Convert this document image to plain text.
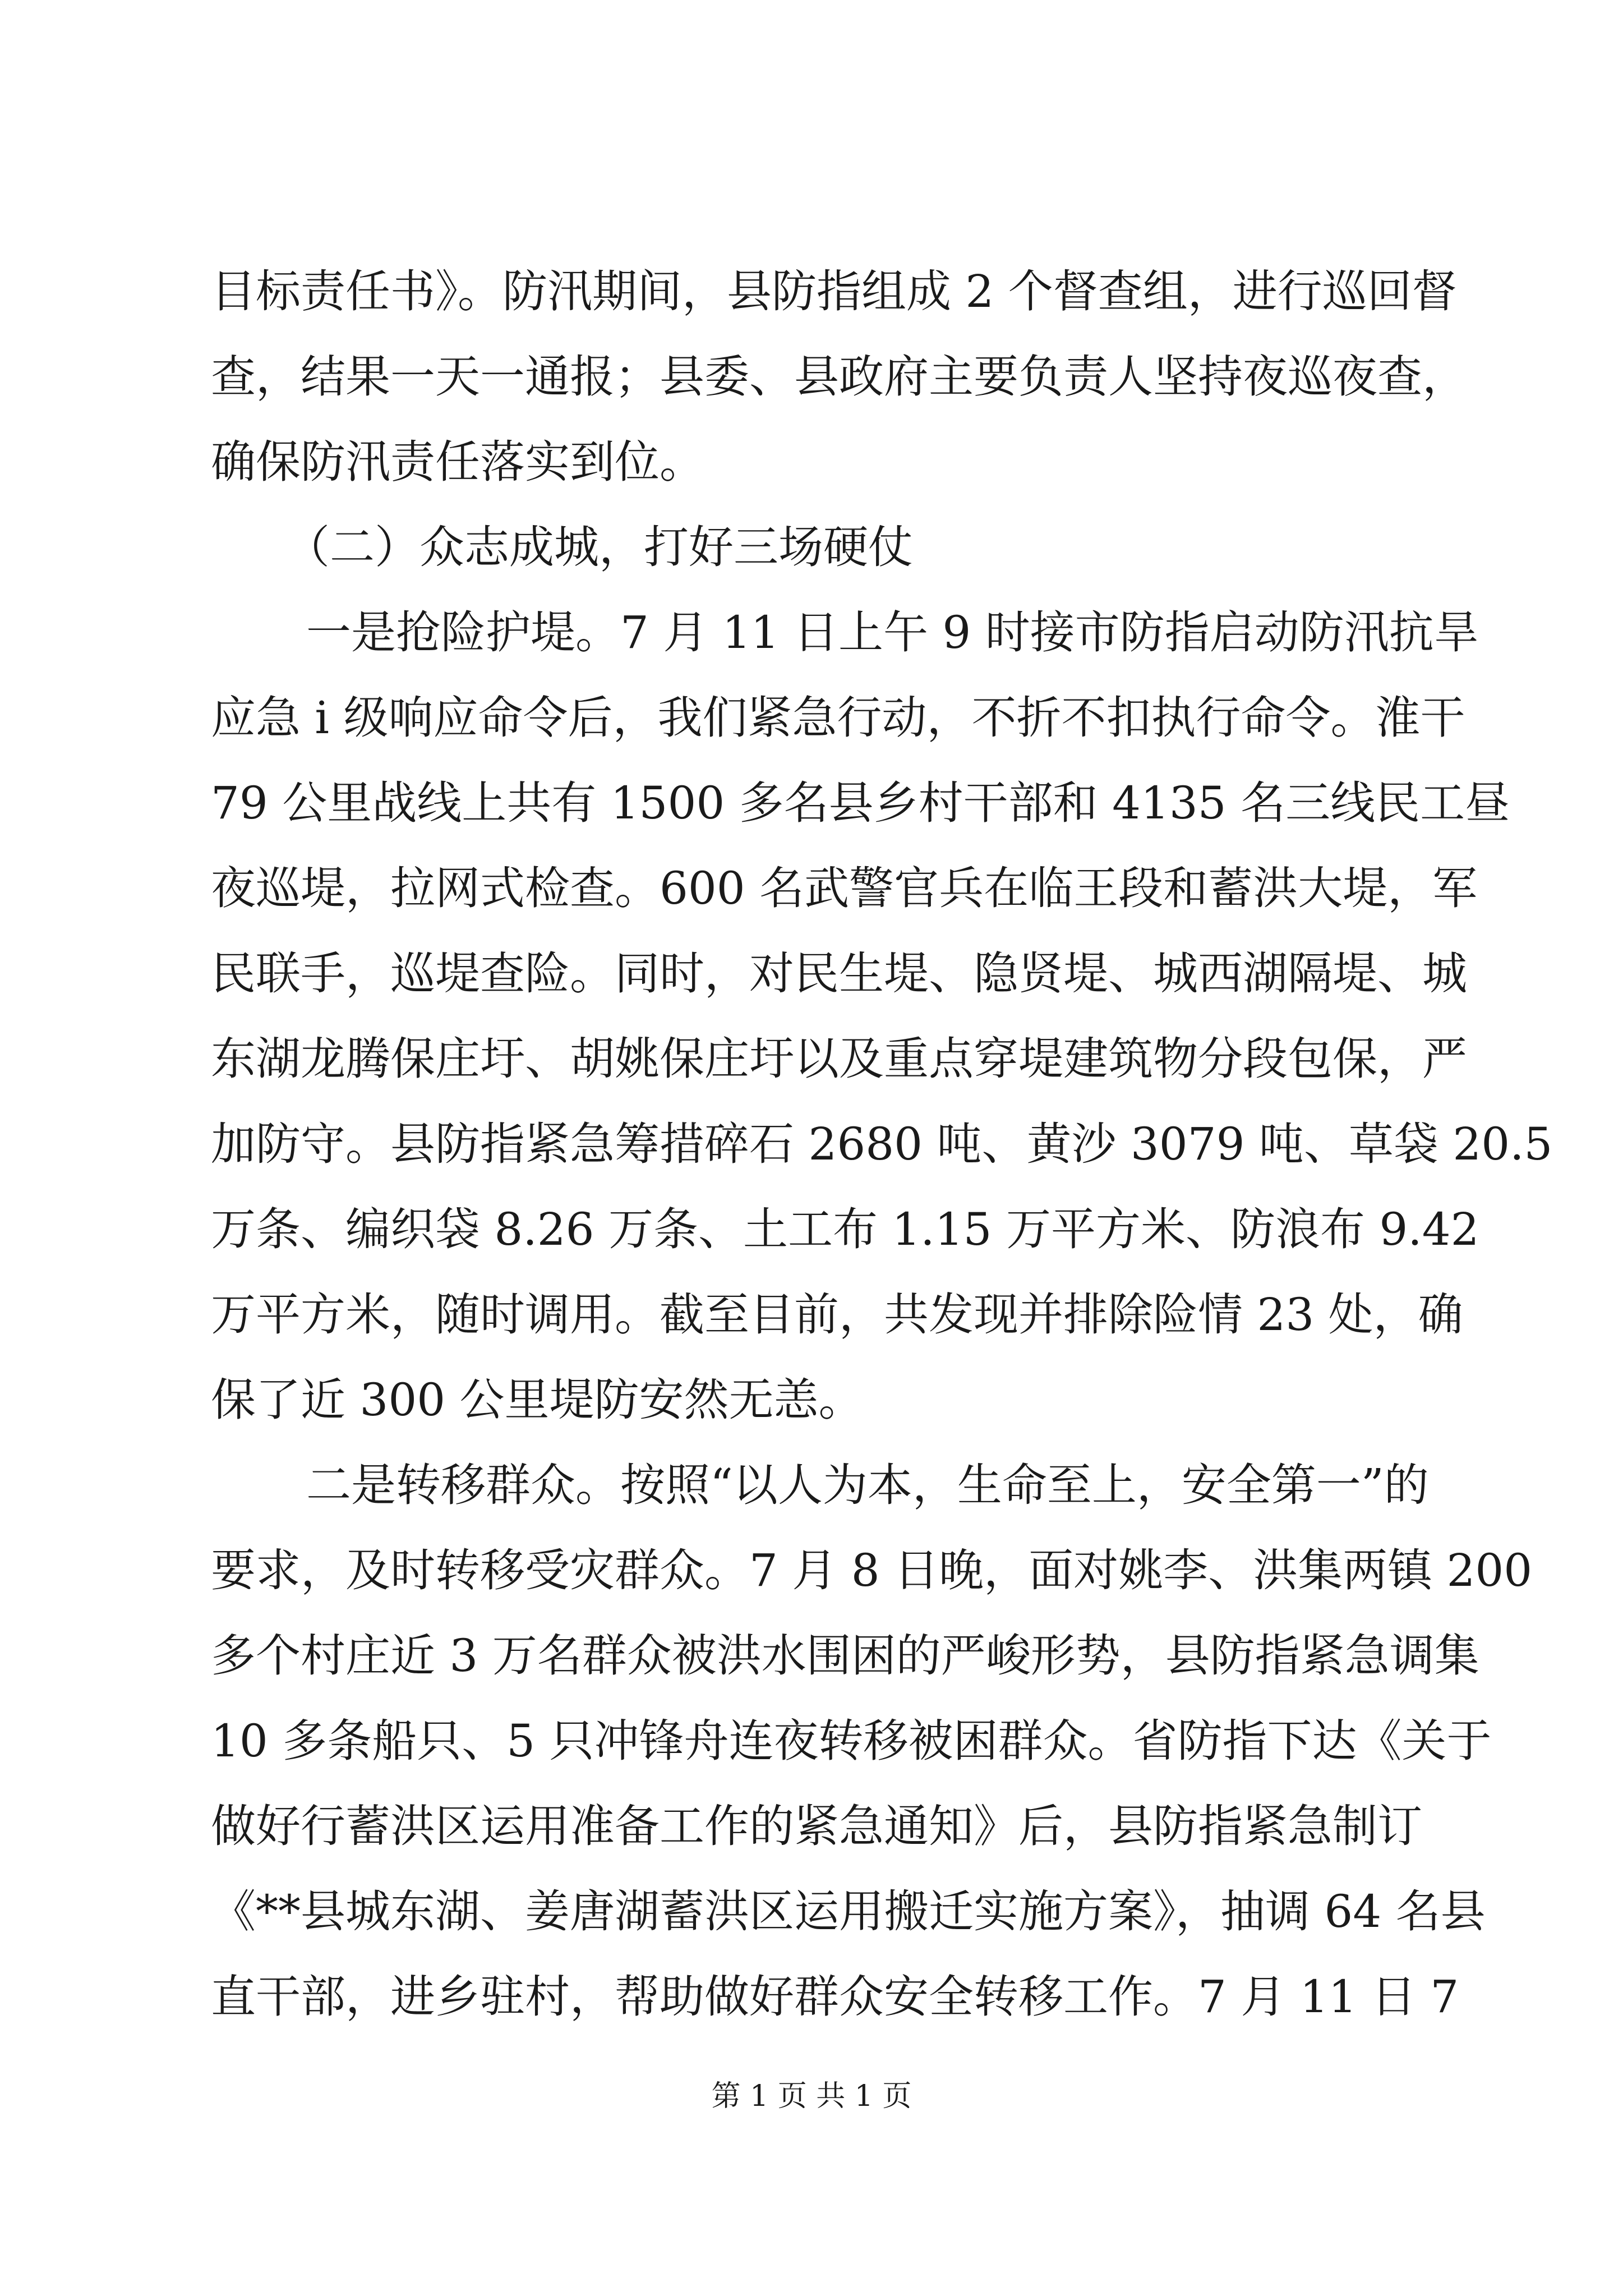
目标责任书》。防汛期间，县防指组成 2 个督查组，进行巡回督
查，结果一天一通报；县委、县政府主要负责人坚持夜巡夜查，
确保防汛责任落实到位。
（二）众志成城，打好三场硬仗
一是抢险护堤。7 月 11 日上午 9 时接市防指启动防汛抗旱
应急 i 级响应命令后，我们紧急行动，不折不扣执行命令。淮干
79 公里战线上共有 1500 多名县乡村干部和 4135 名三线民工昼
夜巡堤，拉网式检查。600 名武警官兵在临王段和蓄洪大堤，军
民联手，巡堤查险。同时，对民生堤、隐贤堤、城西湖隔堤、城
东湖龙腾保庄圩、胡姚保庄圩以及重点穿堤建筑物分段包保，严
加防守。县防指紧急筹措碎石 2680 吨、黄沙 3079 吨、草袋 20.5
万条、编织袋 8.26 万条、土工布 1.15 万平方米、防浪布 9.42
万平方米，随时调用。截至目前，共发现并排除险情 23 处，确
保了近 300 公里堤防安然无恙。
二是转移群众。按照“以人为本，生命至上，安全第一”的
要求，及时转移受灾群众。7 月 8 日晚，面对姚李、洪集两镇 200
多个村庄近 3 万名群众被洪水围困的严峻形势，县防指紧急调集
10 多条船只、5 只冲锋舟连夜转移被困群众。省防指下达《关于
做好行蓄洪区运用准备工作的紧急通知》后，县防指紧急制订
《**县城东湖、姜唐湖蓄洪区运用搬迁实施方案》，抽调 64 名县
直干部，进乡驻村，帮助做好群众安全转移工作。7 月 11 日 7
第 1 页 共 1 页
